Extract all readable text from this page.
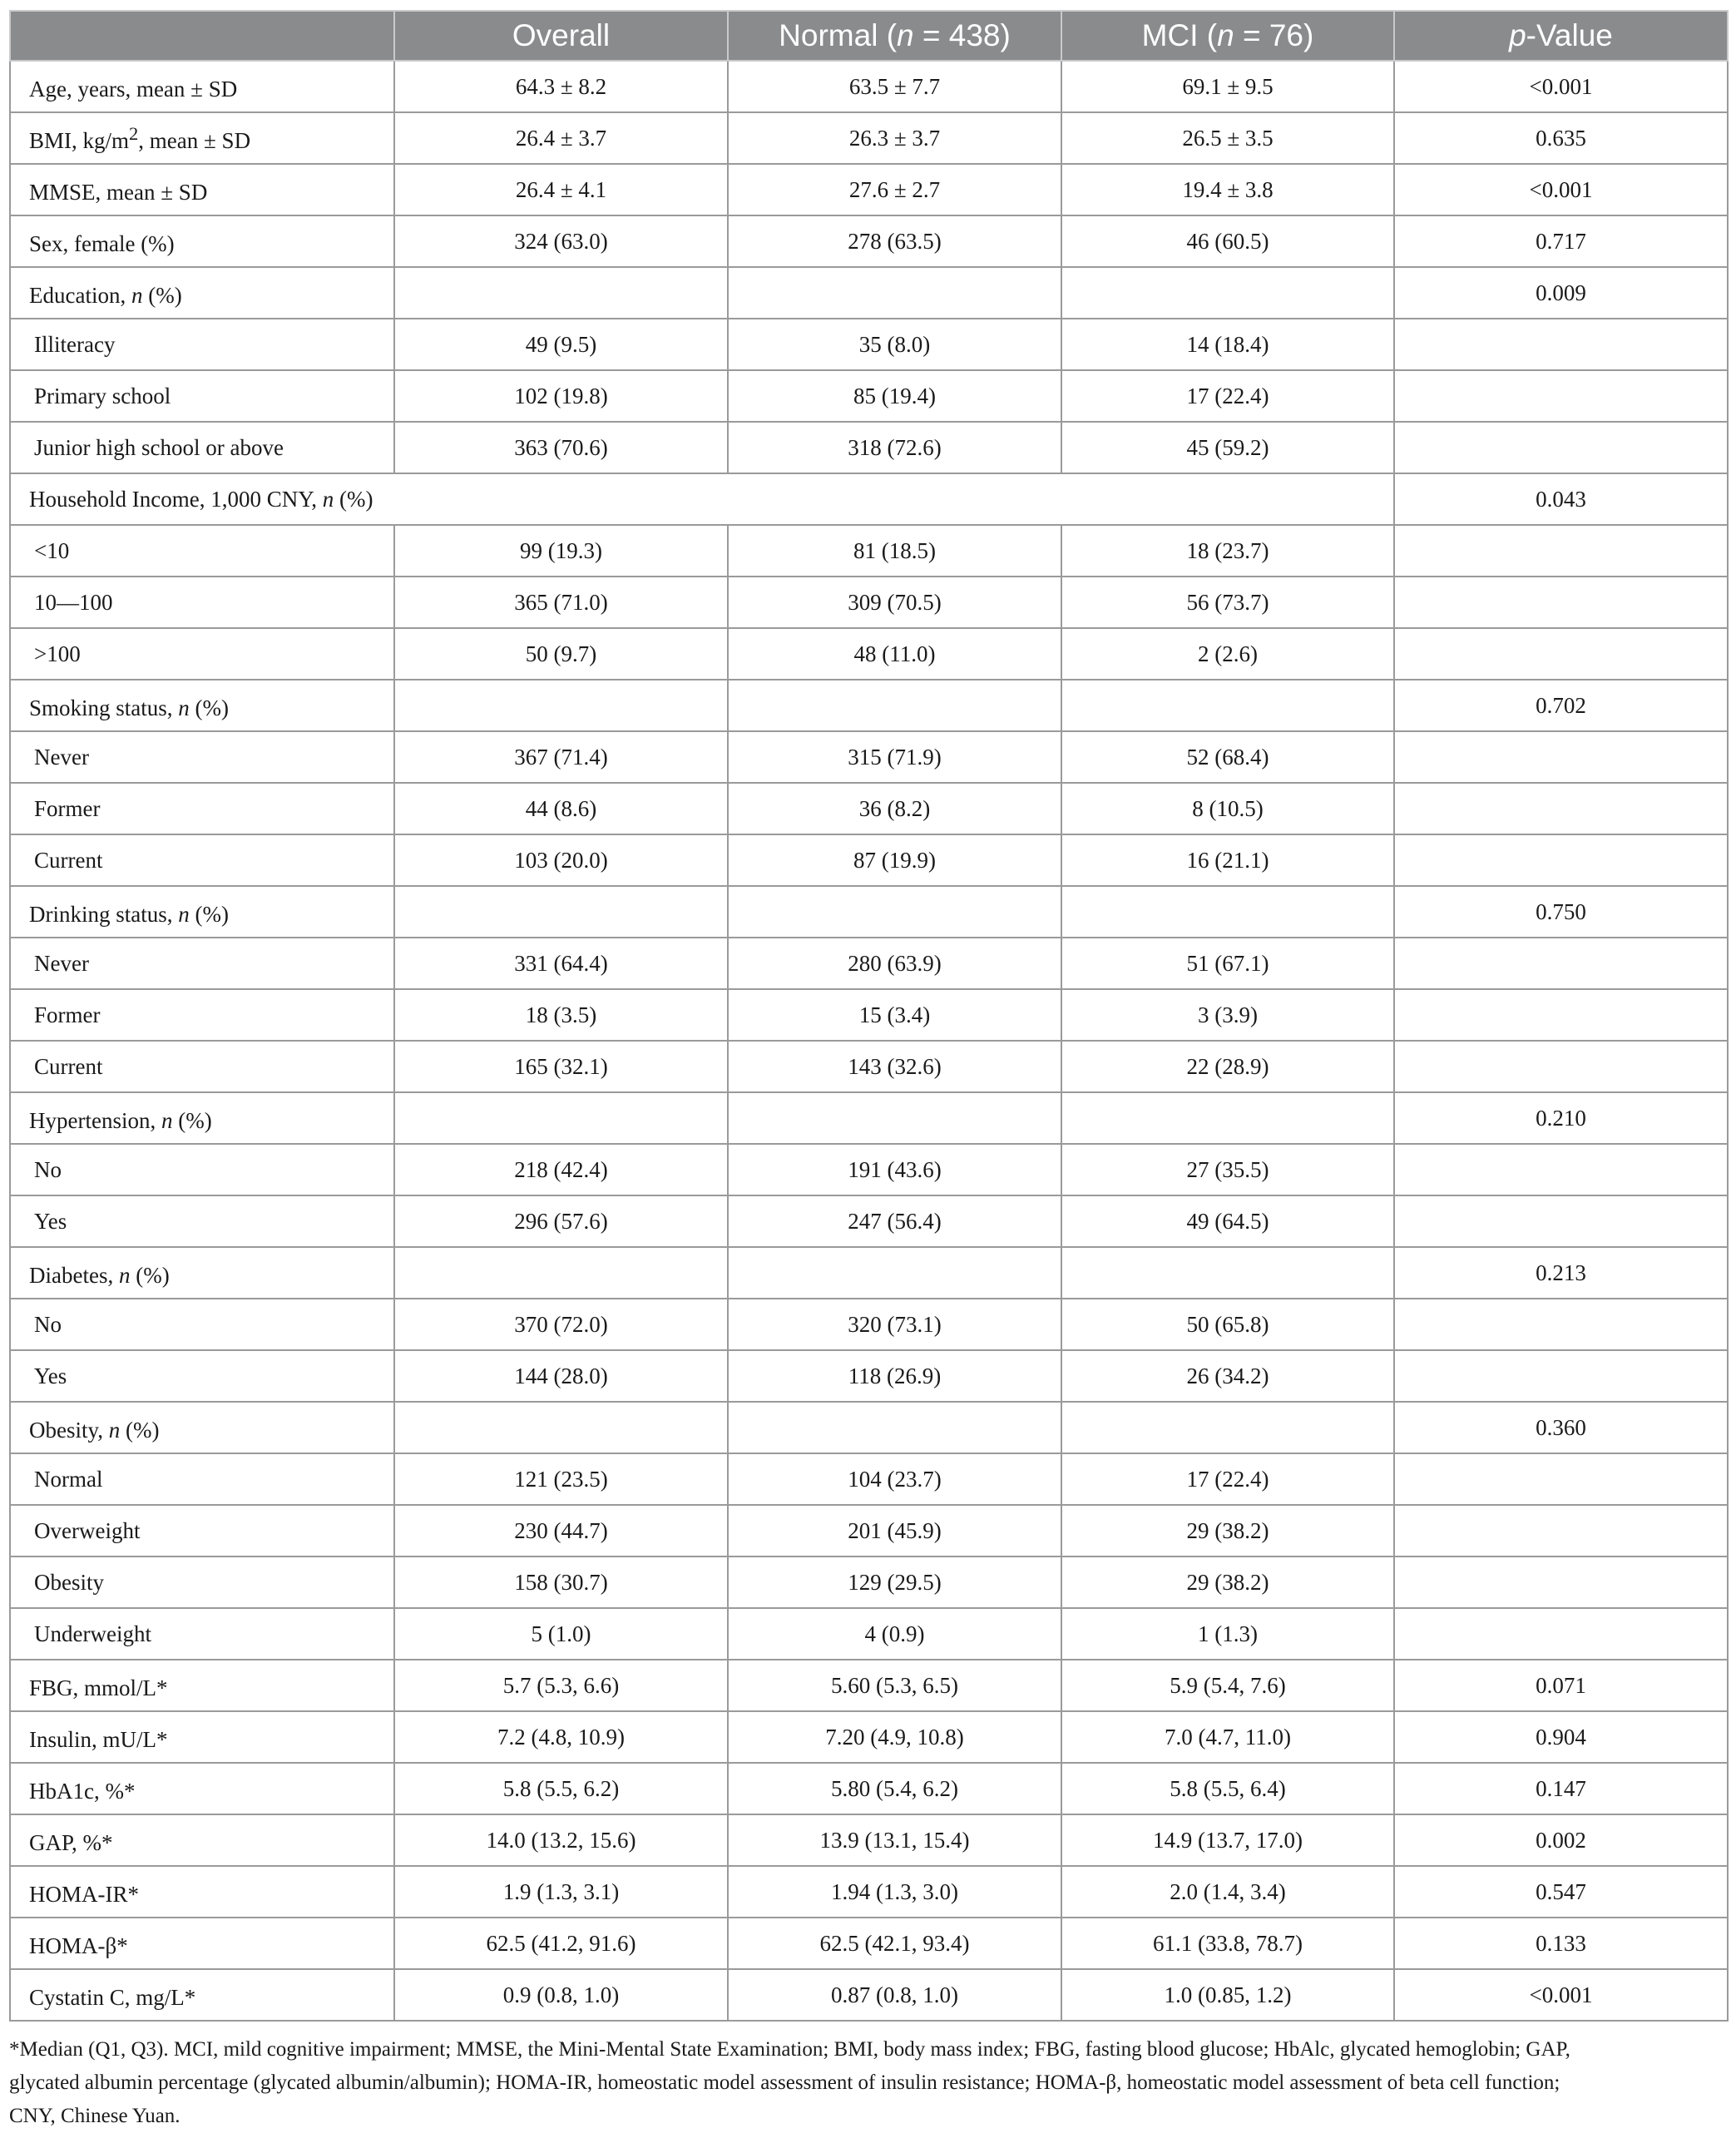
	Overall	Normal (n = 438)	MCI (n = 76)	p-Value
Age, years, mean ± SD	64.3 ± 8.2	63.5 ± 7.7	69.1 ± 9.5	<0.001
BMI, $kg/m^2$, mean ± SD	26.4 ± 3.7	26.3 ± 3.7	26.5 ± 3.5	0.635
MMSE, mean ± SD	26.4 ± 4.1	27.6 ± 2.7	19.4 ± 3.8	<0.001
Sex, female (%)	324 (63.0)	278 (63.5)	46 (60.5)	0.717
Education, n (%)				0.009
Illiteracy	49 (9.5)	35 (8.0)	14 (18.4)	
Primary school	102 (19.8)	85 (19.4)	17 (22.4)	
Junior high school or above	363 (70.6)	318 (72.6)	45 (59.2)	
Household Income, 1,000 CNY, n (%)				0.043
<10	99 (19.3)	81 (18.5)	18 (23.7)	
10—100	365 (71.0)	309 (70.5)	56 (73.7)	
>100	50 (9.7)	48 (11.0)	2 (2.6)	
Smoking status, n (%)				0.702
Never	367 (71.4)	315 (71.9)	52 (68.4)	
Former	44 (8.6)	36 (8.2)	8 (10.5)	
Current	103 (20.0)	87 (19.9)	16 (21.1)	
Drinking status, n (%)				0.750
Never	331 (64.4)	280 (63.9)	51 (67.1)	
Former	18 (3.5)	15 (3.4)	3 (3.9)	
Current	165 (32.1)	143 (32.6)	22 (28.9)	
Hypertension, n (%)				0.210
No	218 (42.4)	191 (43.6)	27 (35.5)	
Yes	296 (57.6)	247 (56.4)	49 (64.5)	
Diabetes, n (%)				0.213
No	370 (72.0)	320 (73.1)	50 (65.8)	
Yes	144 (28.0)	118 (26.9)	26 (34.2)	
Obesity, n (%)				0.360
Normal	121 (23.5)	104 (23.7)	17 (22.4)	
Overweight	230 (44.7)	201 (45.9)	29 (38.2)	
Obesity	158 (30.7)	129 (29.5)	29 (38.2)	
Underweight	5 (1.0)	4 (0.9)	1 (1.3)	
FBG, mmol/L*	5.7 (5.3, 6.6)	5.60 (5.3, 6.5)	5.9 (5.4, 7.6)	0.071
Insulin, mU/L*	7.2 (4.8, 10.9)	7.20 (4.9, 10.8)	7.0 (4.7, 11.0)	0.904
HbA1c, %*	5.8 (5.5, 6.2)	5.80 (5.4, 6.2)	5.8 (5.5, 6.4)	0.147
GAP, %*	14.0 (13.2, 15.6)	13.9 (13.1, 15.4)	14.9 (13.7, 17.0)	0.002
HOMA-IR*	1.9 (1.3, 3.1)	1.94 (1.3, 3.0)	2.0 (1.4, 3.4)	0.547
HOMA-β*	62.5 (41.2, 91.6)	62.5 (42.1, 93.4)	61.1 (33.8, 78.7)	0.133
Cystatin C, mg/L*	0.9 (0.8, 1.0)	0.87 (0.8, 1.0)	1.0 (0.85, 1.2)	<0.001

*Median (Q1, Q3). MCI, mild cognitive impairment; MMSE, the Mini-Mental State Examination; BMI, body mass index; FBG, fasting blood glucose; HbAlc, glycated hemoglobin; GAP,

glycated albumin percentage (glycated albumin/albumin); HOMA-IR, homeostatic model assessment of insulin resistance; HOMA-β, homeostatic model assessment of beta cell function;

CNY, Chinese Yuan.
